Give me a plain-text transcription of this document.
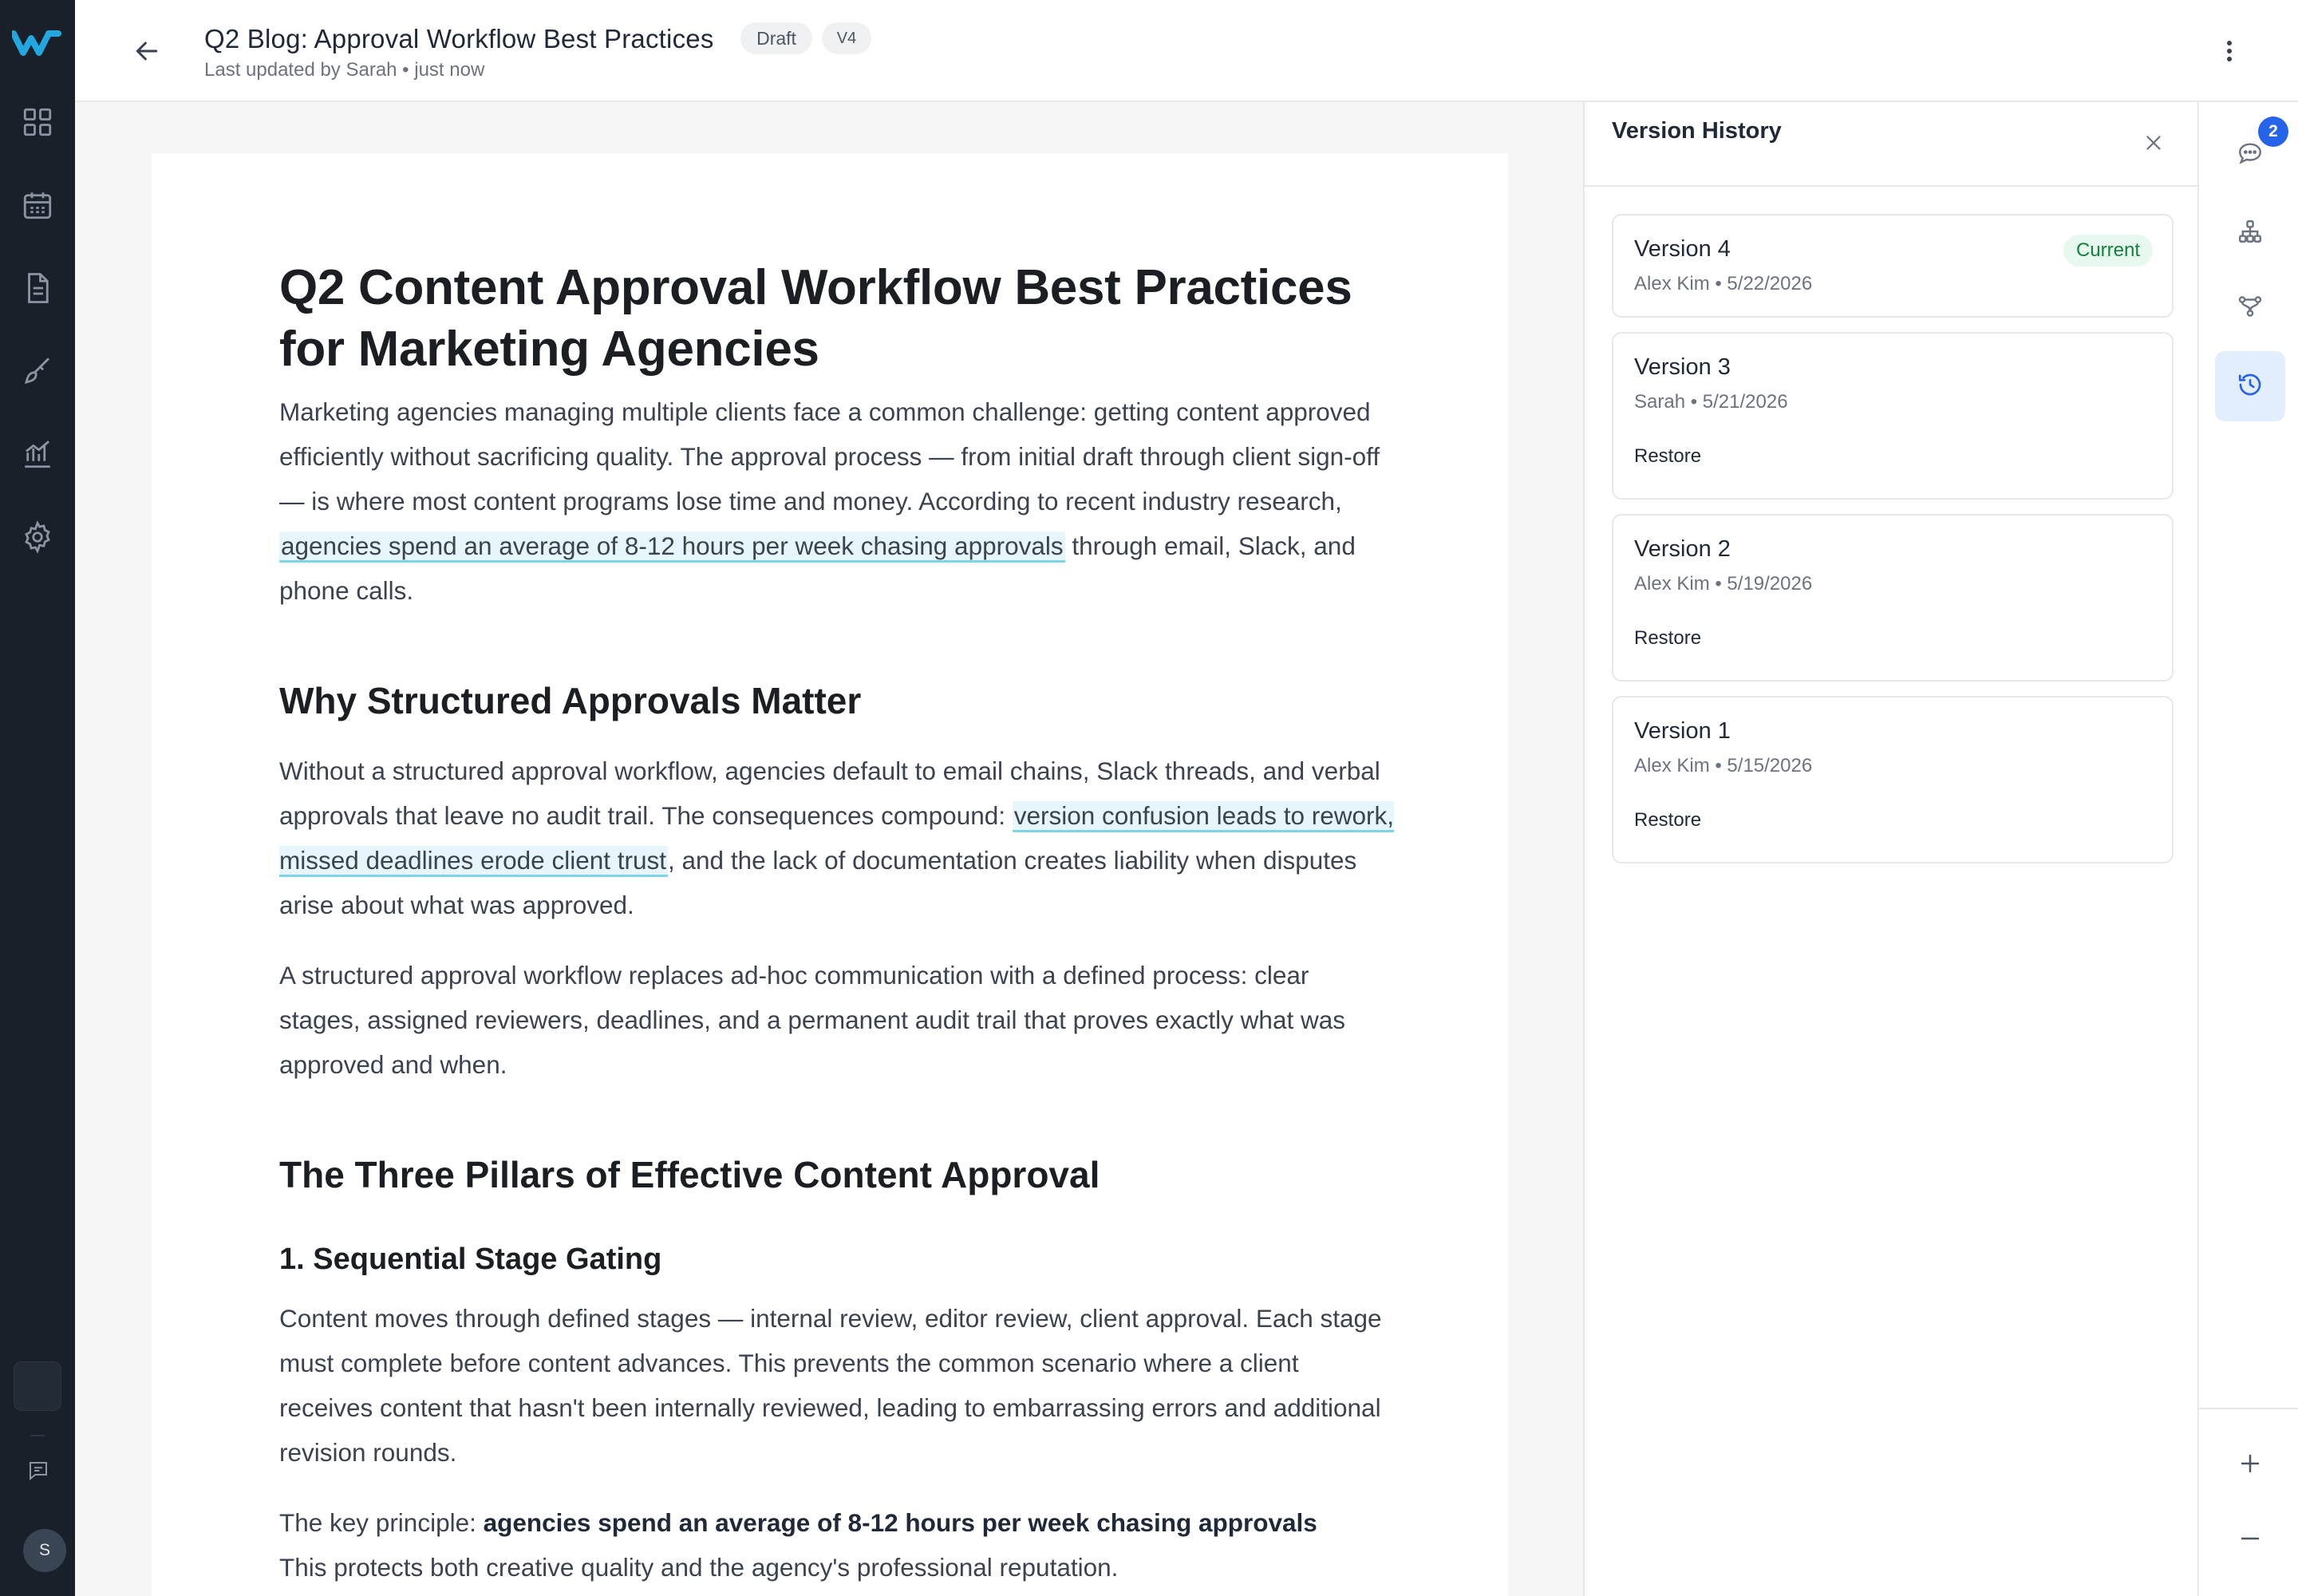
S
Q2 Blog: Approval Workflow Best Practices	Draft	V4
Last updated by Sarah • just now
Q2 Content Approval Workflow Best Practices for Marketing Agencies

Marketing agencies managing multiple clients face a common challenge: getting content approved efficiently without sacrificing quality. The approval process — from initial draft through client sign-off — is where most content programs lose time and money. According to recent industry research, agencies spend an average of 8-12 hours per week chasing approvals through email, Slack, and phone calls.

Why Structured Approvals Matter

Without a structured approval workflow, agencies default to email chains, Slack threads, and verbal approvals that leave no audit trail. The consequences compound: version confusion leads to rework, missed deadlines erode client trust, and the lack of documentation creates liability when disputes arise about what was approved.

A structured approval workflow replaces ad-hoc communication with a defined process: clear stages, assigned reviewers, deadlines, and a permanent audit trail that proves exactly what was approved and when.

The Three Pillars of Effective Content Approval
1. Sequential Stage Gating

Content moves through defined stages — internal review, editor review, client approval. Each stage must complete before content advances. This prevents the common scenario where a client receives content that hasn't been internally reviewed, leading to embarrassing errors and additional revision rounds.

The key principle: agencies spend an average of 8-12 hours per week chasing approvals
This protects both creative quality and the agency's professional reputation.

Version History
Version 4
Alex Kim • 5/22/2026
Current
Version 3
Sarah • 5/21/2026
Restore
Version 2
Alex Kim • 5/19/2026
Restore
Version 1
Alex Kim • 5/15/2026
Restore
2
